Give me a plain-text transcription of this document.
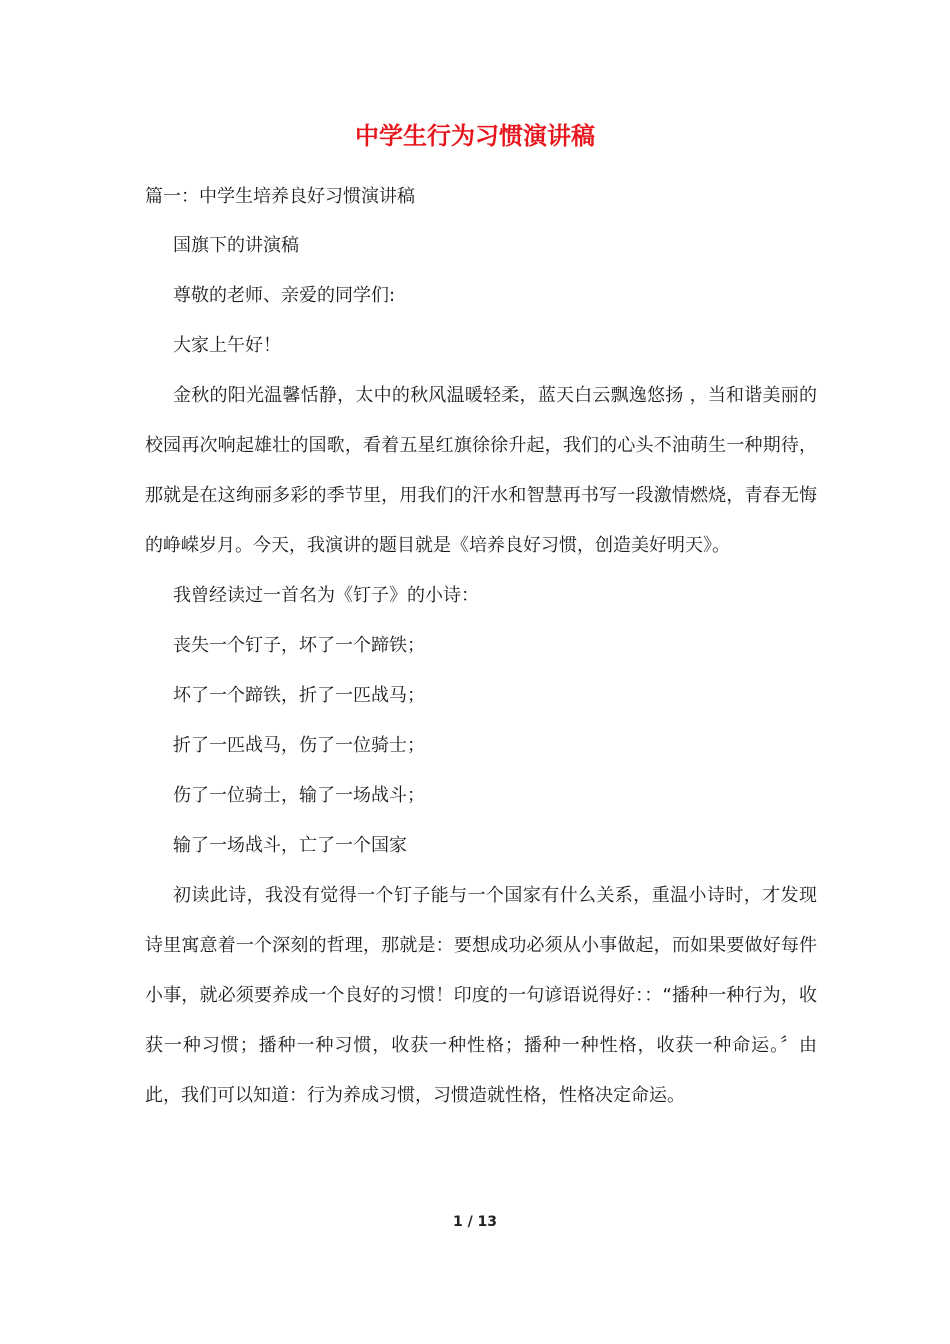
中学生行为习惯演讲稿

篇一：中学生培养良好习惯演讲稿

国旗下的讲演稿

尊敬的老师、亲爱的同学们:

大家上午好！

金秋的阳光温馨恬静，太中的秋风温暖轻柔，蓝天白云飘逸悠扬 ，当和谐美丽的校园再次响起雄壮的国歌，看着五星红旗徐徐升起，我们的心头不油萌生一种期待，那就是在这绚丽多彩的季节里，用我们的汗水和智慧再书写一段激情燃烧，青春无悔的峥嵘岁月。今天，我演讲的题目就是《培养良好习惯，创造美好明天》。

我曾经读过一首名为《钉子》的小诗：

丧失一个钉子，坏了一个蹄铁；

坏了一个蹄铁，折了一匹战马；

折了一匹战马，伤了一位骑士；

伤了一位骑士，输了一场战斗；

输了一场战斗，亡了一个国家

初读此诗，我没有觉得一个钉子能与一个国家有什么关系，重温小诗时，才发现诗里寓意着一个深刻的哲理，那就是：要想成功必须从小事做起，而如果要做好每件小事，就必须要养成一个良好的习惯！印度的一句谚语说得好：：“播种一种行为，收获一种习惯；播种一种习惯，收获一种性格；播种一种性格，收获一种命运。〞由此，我们可以知道：行为养成习惯，习惯造就性格，性格决定命运。

1 / 13
